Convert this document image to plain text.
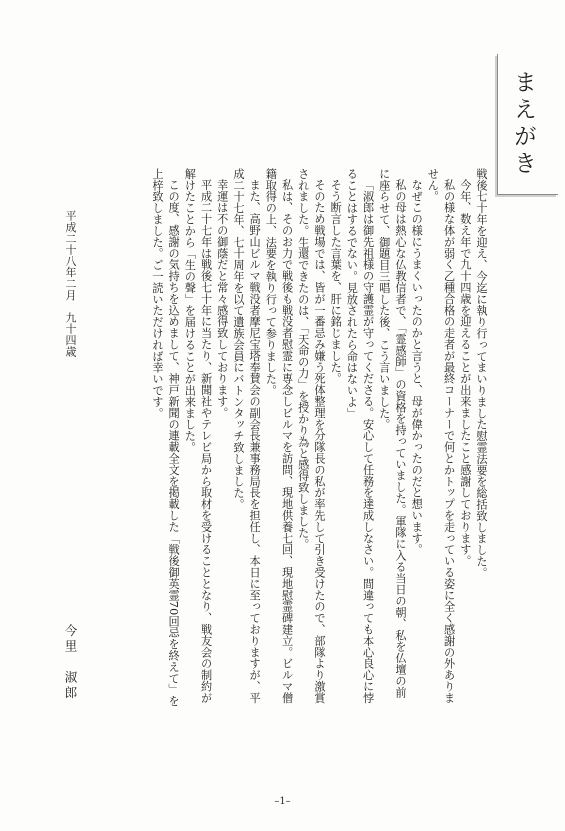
まえがき

戦後七十年を迎え、今迄に執り行ってまいりました慰霊法要を総括致しました。

今年、数え年で九十四歳を迎えることが出来ましたこと感謝しております。

私の様な体が弱く乙種合格の走者が最終コーナーで何とかトップを走っている姿に全く感謝の外ありません。

なぜこの様にうまくいったのかと言うと、母が偉かったのだと想います。

私の母は熱心な仏教信者で、「霊感師」の資格を持っていました。軍隊に入る当日の朝、私を仏壇の前に座らせて、御題目三唱した後、こう言いました。

「淑郎は御先祖様の守護霊が守ってくださる。安心して任務を達成しなさい。間違っても本心良心に悖ることはするでない。見放されたら命はないよ」

そう断言した言葉を、肝に銘じました。

そのため戦場では、皆が一番忌み嫌う死体整理を分隊長の私が率先して引き受けたので、部隊より激賞されました。生還できたのは、「天命の力」を授かり為と感得致しました。

私は、そのお力で戦後も戦没者慰霊に専念しビルマを訪問、現地供養七回、現地慰霊碑建立。ビルマ僧籍取得の上、法要を執り行って参りました。

また、高野山ビルマ戦没者摩尼宝塔奉賛会の副会長兼事務局長を担任し、本日に至っておりますが、平成二十七年、七十周年を以て遺族会員にバトンタッチ致しました。

幸運は不の御蔭だと常々感得致しております。

平成二十七年は戦後七十年に当たり、新聞社やテレビ局から取材を受けることとなり、戦友会の制約が解けたことから「生の聲」を届けることが出来ました。

この度、感謝の気持ちを込めまして、神戸新聞の連載全文を掲載した「戦後御英霊70回忌を終えて」を上梓致しました。ご一読いただければ幸いです。

平成二十八年二月　九十四歳
今里　淑郎
–1–
